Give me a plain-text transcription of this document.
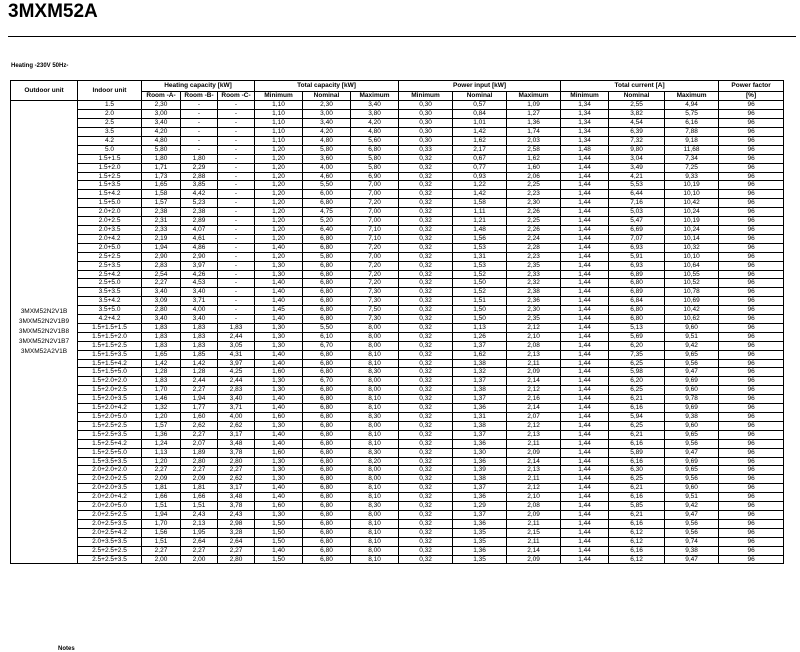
3MXM52A
Heating -230V 50Hz-
Outdoor unit	Indoor unit	Heating capacity [kW]			Total capacity [kW]			Power input [kW]			Total current [A]			Power factor
		Room -A-	Room -B-	Room -C-	Minimum	Nominal	Maximum	Minimum	Nominal	Maximum	Minimum	Nominal	Maximum	[%]

3MXM52N2V1B
3MXM52N2V1B9
3MXM52N2V1B8
3MXM52N2V1B7
3MXM52A2V1B	1.5	2,30	-	-	1,10	2,30	3,40	0,30	0,57	1,09	1,34	2,55	4,94	96
	2.0	3,00	-	-	1,10	3,00	3,80	0,30	0,84	1,27	1,34	3,82	5,75	96
	2.5	3,40	-	-	1,10	3,40	4,20	0,30	1,01	1,36	1,34	4,54	6,16	96
	3.5	4,20	-	-	1,10	4,20	4,80	0,30	1,42	1,74	1,34	6,39	7,88	96
	4.2	4,80	-	-	1,10	4,80	5,60	0,30	1,62	2,03	1,34	7,32	9,18	96
	5.0	5,80	-	-	1,20	5,80	6,80	0,33	2,17	2,58	1,48	9,80	11,68	96
	1.5+1.5	1,80	1,80	-	1,20	3,60	5,80	0,32	0,67	1,62	1,44	3,04	7,34	96
	1.5+2.0	1,71	2,29	-	1,20	4,00	5,80	0,32	0,77	1,60	1,44	3,49	7,25	96
	1.5+2.5	1,73	2,88	-	1,20	4,60	6,90	0,32	0,93	2,06	1,44	4,21	9,33	96
	1.5+3.5	1,65	3,85	-	1,20	5,50	7,00	0,32	1,22	2,25	1,44	5,53	10,19	96
	1.5+4.2	1,58	4,42	-	1,20	6,00	7,00	0,32	1,42	2,23	1,44	6,44	10,10	96
	1.5+5.0	1,57	5,23	-	1,20	6,80	7,20	0,32	1,58	2,30	1,44	7,16	10,42	96
	2.0+2.0	2,38	2,38	-	1,20	4,75	7,00	0,32	1,11	2,26	1,44	5,03	10,24	96
	2.0+2.5	2,31	2,89	-	1,20	5,20	7,00	0,32	1,21	2,25	1,44	5,47	10,19	96
	2.0+3.5	2,33	4,07	-	1,20	6,40	7,10	0,32	1,48	2,26	1,44	6,69	10,24	96
	2.0+4.2	2,19	4,61	-	1,20	6,80	7,10	0,32	1,56	2,24	1,44	7,07	10,14	96
	2.0+5.0	1,94	4,86	-	1,40	6,80	7,20	0,32	1,53	2,28	1,44	6,93	10,32	96
	2.5+2.5	2,90	2,90	-	1,20	5,80	7,00	0,32	1,31	2,23	1,44	5,91	10,10	96
	2.5+3.5	2,83	3,97	-	1,30	6,80	7,20	0,32	1,53	2,35	1,44	6,93	10,64	96
	2.5+4.2	2,54	4,26	-	1,30	6,80	7,20	0,32	1,52	2,33	1,44	6,89	10,55	96
	2.5+5.0	2,27	4,53	-	1,40	6,80	7,20	0,32	1,50	2,32	1,44	6,80	10,52	96
	3.5+3.5	3,40	3,40	-	1,40	6,80	7,30	0,32	1,52	2,38	1,44	6,89	10,78	96
	3.5+4.2	3,09	3,71	-	1,40	6,80	7,30	0,32	1,51	2,36	1,44	6,84	10,69	96
	3.5+5.0	2,80	4,00	-	1,45	6,80	7,50	0,32	1,50	2,30	1,44	6,80	10,42	96
	4.2+4.2	3,40	3,40	-	1,40	6,80	7,30	0,32	1,50	2,35	1,44	6,80	10,62	96
	1.5+1.5+1.5	1,83	1,83	1,83	1,30	5,50	8,00	0,32	1,13	2,12	1,44	5,13	9,60	96
	1.5+1.5+2.0	1,83	1,83	2,44	1,30	6,10	8,00	0,32	1,26	2,10	1,44	5,69	9,51	96
	1.5+1.5+2.5	1,83	1,83	3,05	1,30	6,70	8,00	0,32	1,37	2,08	1,44	6,20	9,42	96
	1.5+1.5+3.5	1,65	1,85	4,31	1,40	6,80	8,10	0,32	1,62	2,13	1,44	7,35	9,65	96
	1.5+1.5+4.2	1,42	1,42	3,97	1,40	6,80	8,10	0,32	1,38	2,11	1,44	6,25	9,56	96
	1.5+1.5+5.0	1,28	1,28	4,25	1,60	6,80	8,30	0,32	1,32	2,09	1,44	5,98	9,47	96
	1.5+2.0+2.0	1,83	2,44	2,44	1,30	6,70	8,00	0,32	1,37	2,14	1,44	6,20	9,69	96
	1.5+2.0+2.5	1,70	2,27	2,83	1,30	6,80	8,00	0,32	1,38	2,12	1,44	6,25	9,60	96
	1.5+2.0+3.5	1,46	1,94	3,40	1,40	6,80	8,10	0,32	1,37	2,16	1,44	6,21	9,78	96
	1.5+2.0+4.2	1,32	1,77	3,71	1,40	6,80	8,10	0,32	1,36	2,14	1,44	6,16	9,69	96
	1.5+2.0+5.0	1,20	1,60	4,00	1,60	6,80	8,30	0,32	1,31	2,07	1,44	5,94	9,38	96
	1.5+2.5+2.5	1,57	2,62	2,62	1,30	6,80	8,00	0,32	1,38	2,12	1,44	6,25	9,60	96
	1.5+2.5+3.5	1,36	2,27	3,17	1,40	6,80	8,10	0,32	1,37	2,13	1,44	6,21	9,65	96
	1.5+2.5+4.2	1,24	2,07	3,48	1,40	6,80	8,10	0,32	1,36	2,11	1,44	6,16	9,56	96
	1.5+2.5+5.0	1,13	1,89	3,78	1,60	6,80	8,30	0,32	1,30	2,09	1,44	5,89	9,47	96
	1.5+3.5+3.5	1,20	2,80	2,80	1,30	6,80	8,20	0,32	1,36	2,14	1,44	6,16	9,69	96
	2.0+2.0+2.0	2,27	2,27	2,27	1,30	6,80	8,00	0,32	1,39	2,13	1,44	6,30	9,65	96
	2.0+2.0+2.5	2,09	2,09	2,62	1,30	6,80	8,00	0,32	1,38	2,11	1,44	6,25	9,56	96
	2.0+2.0+3.5	1,81	1,81	3,17	1,40	6,80	8,10	0,32	1,37	2,12	1,44	6,21	9,60	96
	2.0+2.0+4.2	1,66	1,66	3,48	1,40	6,80	8,10	0,32	1,36	2,10	1,44	6,16	9,51	96
	2.0+2.0+5.0	1,51	1,51	3,78	1,60	6,80	8,30	0,32	1,29	2,08	1,44	5,85	9,42	96
	2.0+2.5+2.5	1,94	2,43	2,43	1,30	6,80	8,00	0,32	1,37	2,09	1,44	6,21	9,47	96
	2.0+2.5+3.5	1,70	2,13	2,98	1,50	6,80	8,10	0,32	1,36	2,11	1,44	6,16	9,56	96
	2.0+2.5+4.2	1,56	1,95	3,28	1,50	6,80	8,10	0,32	1,35	2,15	1,44	6,12	9,56	96
	2.0+3.5+3.5	1,51	2,64	2,64	1,50	6,80	8,10	0,32	1,35	2,11	1,44	6,12	9,74	96
	2.5+2.5+2.5	2,27	2,27	2,27	1,40	6,80	8,00	0,32	1,36	2,14	1,44	6,16	9,38	96
	2.5+2.5+3.5	2,00	2,00	2,80	1,50	6,80	8,10	0,32	1,35	2,09	1,44	6,12	9,47	96
Notes
